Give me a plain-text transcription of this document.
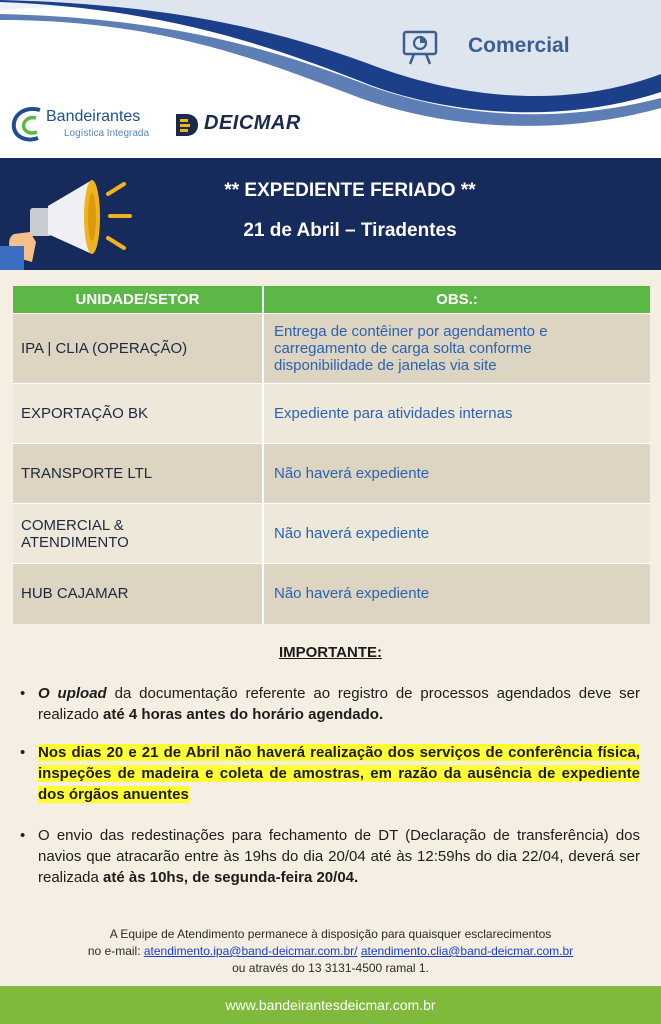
Comercial
Bandeirantes
Logística Integrada	DEICMAR
** EXPEDIENTE FERIADO **
21 de Abril – Tiradentes
UNIDADE/SETOR	OBS.:
IPA | CLIA (OPERAÇÃO)	Entrega de contêiner por agendamento e
carregamento de carga solta conforme
disponibilidade de janelas via site

EXPORTAÇÃO BK	Expediente para atividades internas

TRANSPORTE LTL	Não haverá expediente

COMERCIAL &
ATENDIMENTO	Não haverá expediente

HUB CAJAMAR	Não haverá expediente
IMPORTANTE:
• O upload da documentação referente ao registro de processos agendados deve ser realizado até 4 horas antes do horário agendado.
• Nos dias 20 e 21 de Abril não haverá realização dos serviços de conferência física, inspeções de madeira e coleta de amostras, em razão da ausência de expediente dos órgãos anuentes
• O envio das redestinações para fechamento de DT (Declaração de transferência) dos navios que atracarão entre às 19hs do dia 20/04 até às 12:59hs do dia 22/04, deverá ser realizada até às 10hs, de segunda-feira 20/04.
A Equipe de Atendimento permanece à disposição para quaisquer esclarecimentos
no e-mail: atendimento.ipa@band-deicmar.com.br/ atendimento.clia@band-deicmar.com.br
ou através do 13 3131-4500 ramal 1.
www.bandeirantesdeicmar.com.br
